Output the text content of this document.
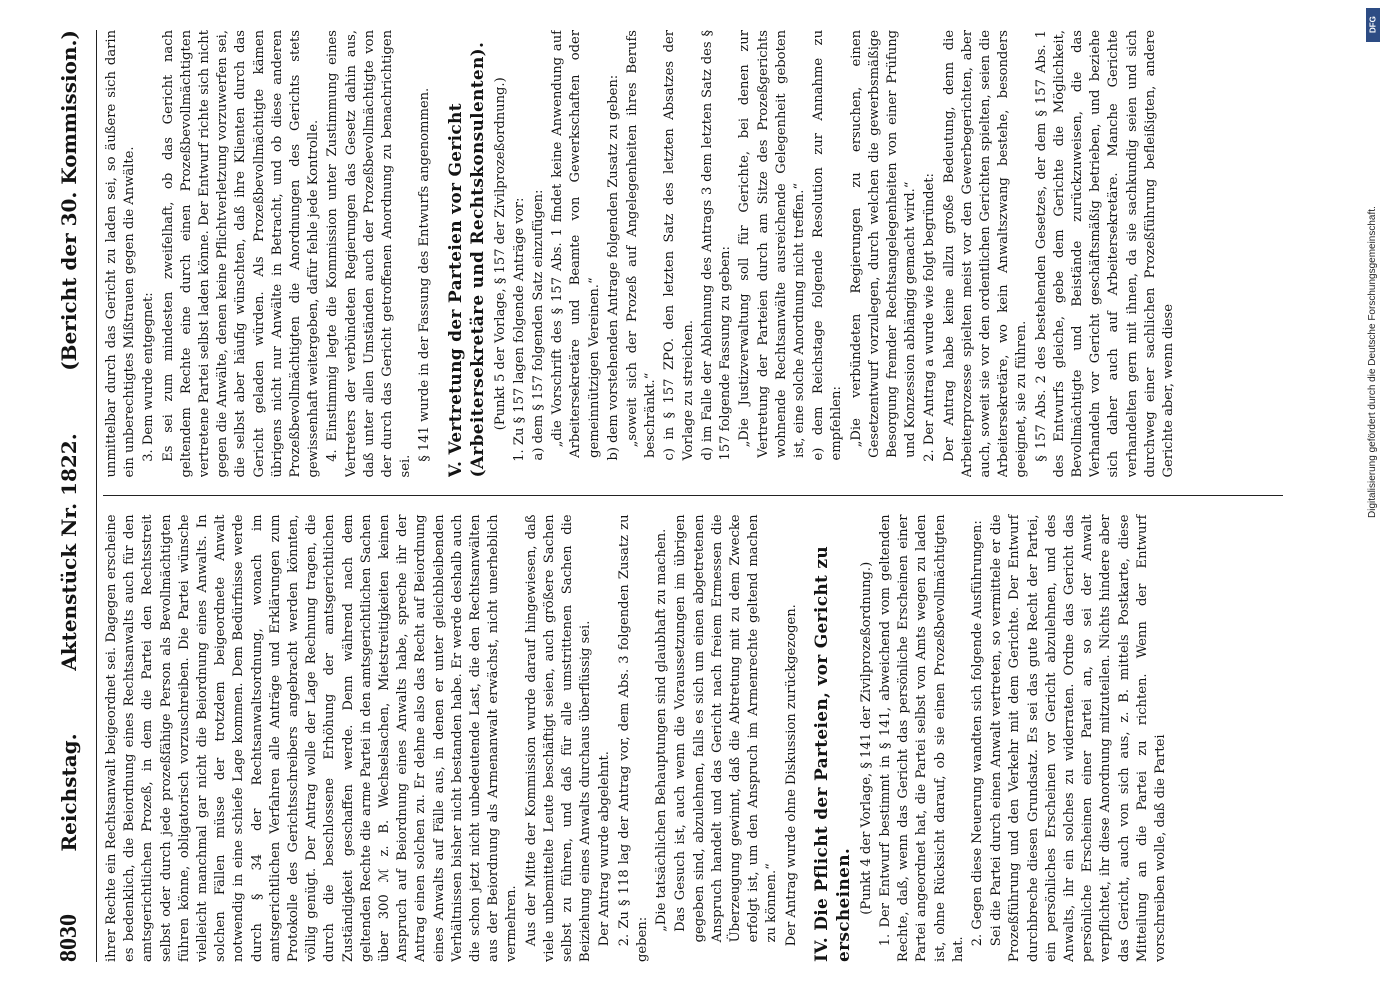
8030
Reichstag.
Aktenstück Nr. 1822.
(Bericht der 30. Kommission.)

ihrer Rechte ein Rechtsanwalt beigeordnet sei. Dagegen erscheine es bedenklich, die Beiordnung eines Rechtsanwalts auch für den amtsgerichtlichen Prozeß, in dem die Partei den Rechtsstreit selbst oder durch jede prozeßfähige Person als Bevollmächtigten führen könne, obligatorisch vorzuschreiben. Die Partei wünsche vielleicht manchmal gar nicht die Beiordnung eines Anwalts. In solchen Fällen müsse der trotzdem beigeordnete Anwalt notwendig in eine schiefe Lage kommen. Dem Bedürfnisse werde durch § 34 der Rechtsanwaltsordnung, wonach im amtsgerichtlichen Verfahren alle Anträge und Erklärungen zum Protokolle des Gerichtsschreibers angebracht werden könnten, völlig genügt. Der Antrag wolle der Lage Rechnung tragen, die durch die beschlossene Erhöhung der amtsgerichtlichen Zuständigkeit geschaffen werde. Denn während nach dem geltenden Rechte die arme Partei in den amtsgerichtlichen Sachen über 300 ℳ z. B. Wechselsachen, Mietstreitigkeiten keinen Anspruch auf Beiordnung eines Anwalts habe, spreche ihr der Antrag einen solchen zu. Er dehne also das Recht auf Beiordnung eines Anwalts auf Fälle aus, in denen er unter gleichbleibenden Verhältnissen bisher nicht bestanden habe. Er werde deshalb auch die schon jetzt nicht unbedeutende Last, die den Rechtsanwälten aus der Beiordnung als Armenanwalt erwächst, nicht unerheblich vermehren. Aus der Mitte der Kommission wurde darauf hingewiesen, daß viele unbemittelte Leute beschäftigt seien, auch größere Sachen selbst zu führen, und daß für alle umstrittenen Sachen die Beiziehung eines Anwalts durchaus überflüssig sei. Der Antrag wurde abgelehnt. 2. Zu § 118 lag der Antrag vor, dem Abs. 3 folgenden Zusatz zu geben:

„Die tatsächlichen Behauptungen sind glaubhaft zu machen. Das Gesuch ist, auch wenn die Voraussetzungen im übrigen gegeben sind, abzulehnen, falls es sich um einen abgetretenen Anspruch handelt und das Gericht nach freiem Ermessen die Überzeugung gewinnt, daß die Abtretung mit zu dem Zwecke erfolgt ist, um den Anspruch im Armenrechte geltend machen zu können.“ Der Antrag wurde ohne Diskussion zurückgezogen. IV. Die Pflicht der Parteien, vor Gericht zu erscheinen. (Punkt 4 der Vorlage, § 141 der Zivilprozeßordnung.) 1. Der Entwurf bestimmt in § 141, abweichend vom geltenden Rechte, daß, wenn das Gericht das persönliche Erscheinen einer Partei angeordnet hat, die Partei selbst von Amts wegen zu laden ist, ohne Rücksicht darauf, ob sie einen Prozeßbevollmächtigten hat.

2. Gegen diese Neuerung wandten sich folgende Ausführungen: Sei die Partei durch einen Anwalt vertreten, so vermittele er die Prozeßführung und den Verkehr mit dem Gerichte. Der Entwurf durchbreche diesen Grundsatz. Es sei das gute Recht der Partei, ein persönliches Erscheinen vor Gericht abzulehnen, und des Anwalts, ihr ein solches zu widerraten. Ordne das Gericht das persönliche Erscheinen einer Partei an, so sei der Anwalt verpflichtet, ihr diese Anordnung mitzuteilen. Nichts hindere aber das Gericht, auch von sich aus, z. B. mittels Postkarte, diese Mitteilung an die Partei zu richten. Wenn der Entwurf vorschreiben wolle, daß die Partei

unmittelbar durch das Gericht zu laden sei, so äußere sich darin ein unberechtigtes Mißtrauen gegen die Anwälte. 3. Dem wurde entgegnet: Es sei zum mindesten zweifelhaft, ob das Gericht nach geltendem Rechte eine durch einen Prozeßbevollmächtigten vertretene Partei selbst laden könne. Der Entwurf richte sich nicht gegen die Anwälte, denen keine Pflichtverletzung vorzuwerfen sei, die selbst aber häufig wünschten, daß ihre Klienten durch das Gericht geladen würden. Als Prozeßbevollmächtigte kämen übrigens nicht nur Anwälte in Betracht, und ob diese anderen Prozeßbevollmächtigten die Anordnungen des Gerichts stets gewissenhaft weitergeben, dafür fehle jede Kontrolle. 4. Einstimmig legte die Kommission unter Zustimmung eines Vertreters der verbündeten Regierungen das Gesetz dahin aus, daß unter allen Umständen auch der Prozeßbevollmächtigte von der durch das Gericht getroffenen Anordnung zu benachrichtigen sei.

§ 141 wurde in der Fassung des Entwurfs angenommen. V. Vertretung der Parteien vor Gericht (Arbeitersekretäre und Rechtskonsulenten). (Punkt 5 der Vorlage, § 157 der Zivilprozeßordnung.) 1. Zu § 157 lagen folgende Anträge vor: a) dem § 157 folgenden Satz einzufügen: „die Vorschrift des § 157 Abs. 1 findet keine Anwendung auf Arbeitersekretäre und Beamte von Gewerkschaften oder gemeinnützigen Vereinen.“ b) dem vorstehenden Antrage folgenden Zusatz zu geben: „soweit sich der Prozeß auf Angelegenheiten ihres Berufs beschränkt.“ c) in § 157 ZPO. den letzten Satz des letzten Absatzes der Vorlage zu streichen. d) im Falle der Ablehnung des Antrags 3 dem letzten Satz des § 157 folgende Fassung zu geben: „Die Justizverwaltung soll für Gerichte, bei denen zur Vertretung der Parteien durch am Sitze des Prozeßgerichts wohnende Rechtsanwälte ausreichende Gelegenheit geboten ist, eine solche Anordnung nicht treffen.“ e) dem Reichstage folgende Resolution zur Annahme zu empfehlen: „Die verbündeten Regierungen zu ersuchen, einen Gesetzentwurf vorzulegen, durch welchen die gewerbsmäßige Besorgung fremder Rechtsangelegenheiten von einer Prüfung und Konzession abhängig gemacht wird.“ 2. Der Antrag a wurde wie folgt begründet: Der Antrag habe keine allzu große Bedeutung, denn die Arbeiterprozesse spielten meist vor den Gewerbegerichten, aber auch, soweit sie vor den ordentlichen Gerichten spielten, seien die Arbeitersekretäre, wo kein Anwaltszwang bestehe, besonders geeignet, sie zu führen. § 157 Abs. 2 des bestehenden Gesetzes, der dem § 157 Abs. 1 des Entwurfs gleiche, gebe dem Gerichte die Möglichkeit, Bevollmächtigte und Beistände zurückzuweisen, die das Verhandeln vor Gericht geschäftsmäßig betrieben, und beziehe sich daher auch auf Arbeitersekretäre. Manche Gerichte verhandelten gern mit ihnen, da sie sachkundig seien und sich durchweg einer sachlichen Prozeßführung befleißigten, andere Gerichte aber, wenn diese

DFG
Digitalisierung gefördert durch die Deutsche Forschungsgemeinschaft.
